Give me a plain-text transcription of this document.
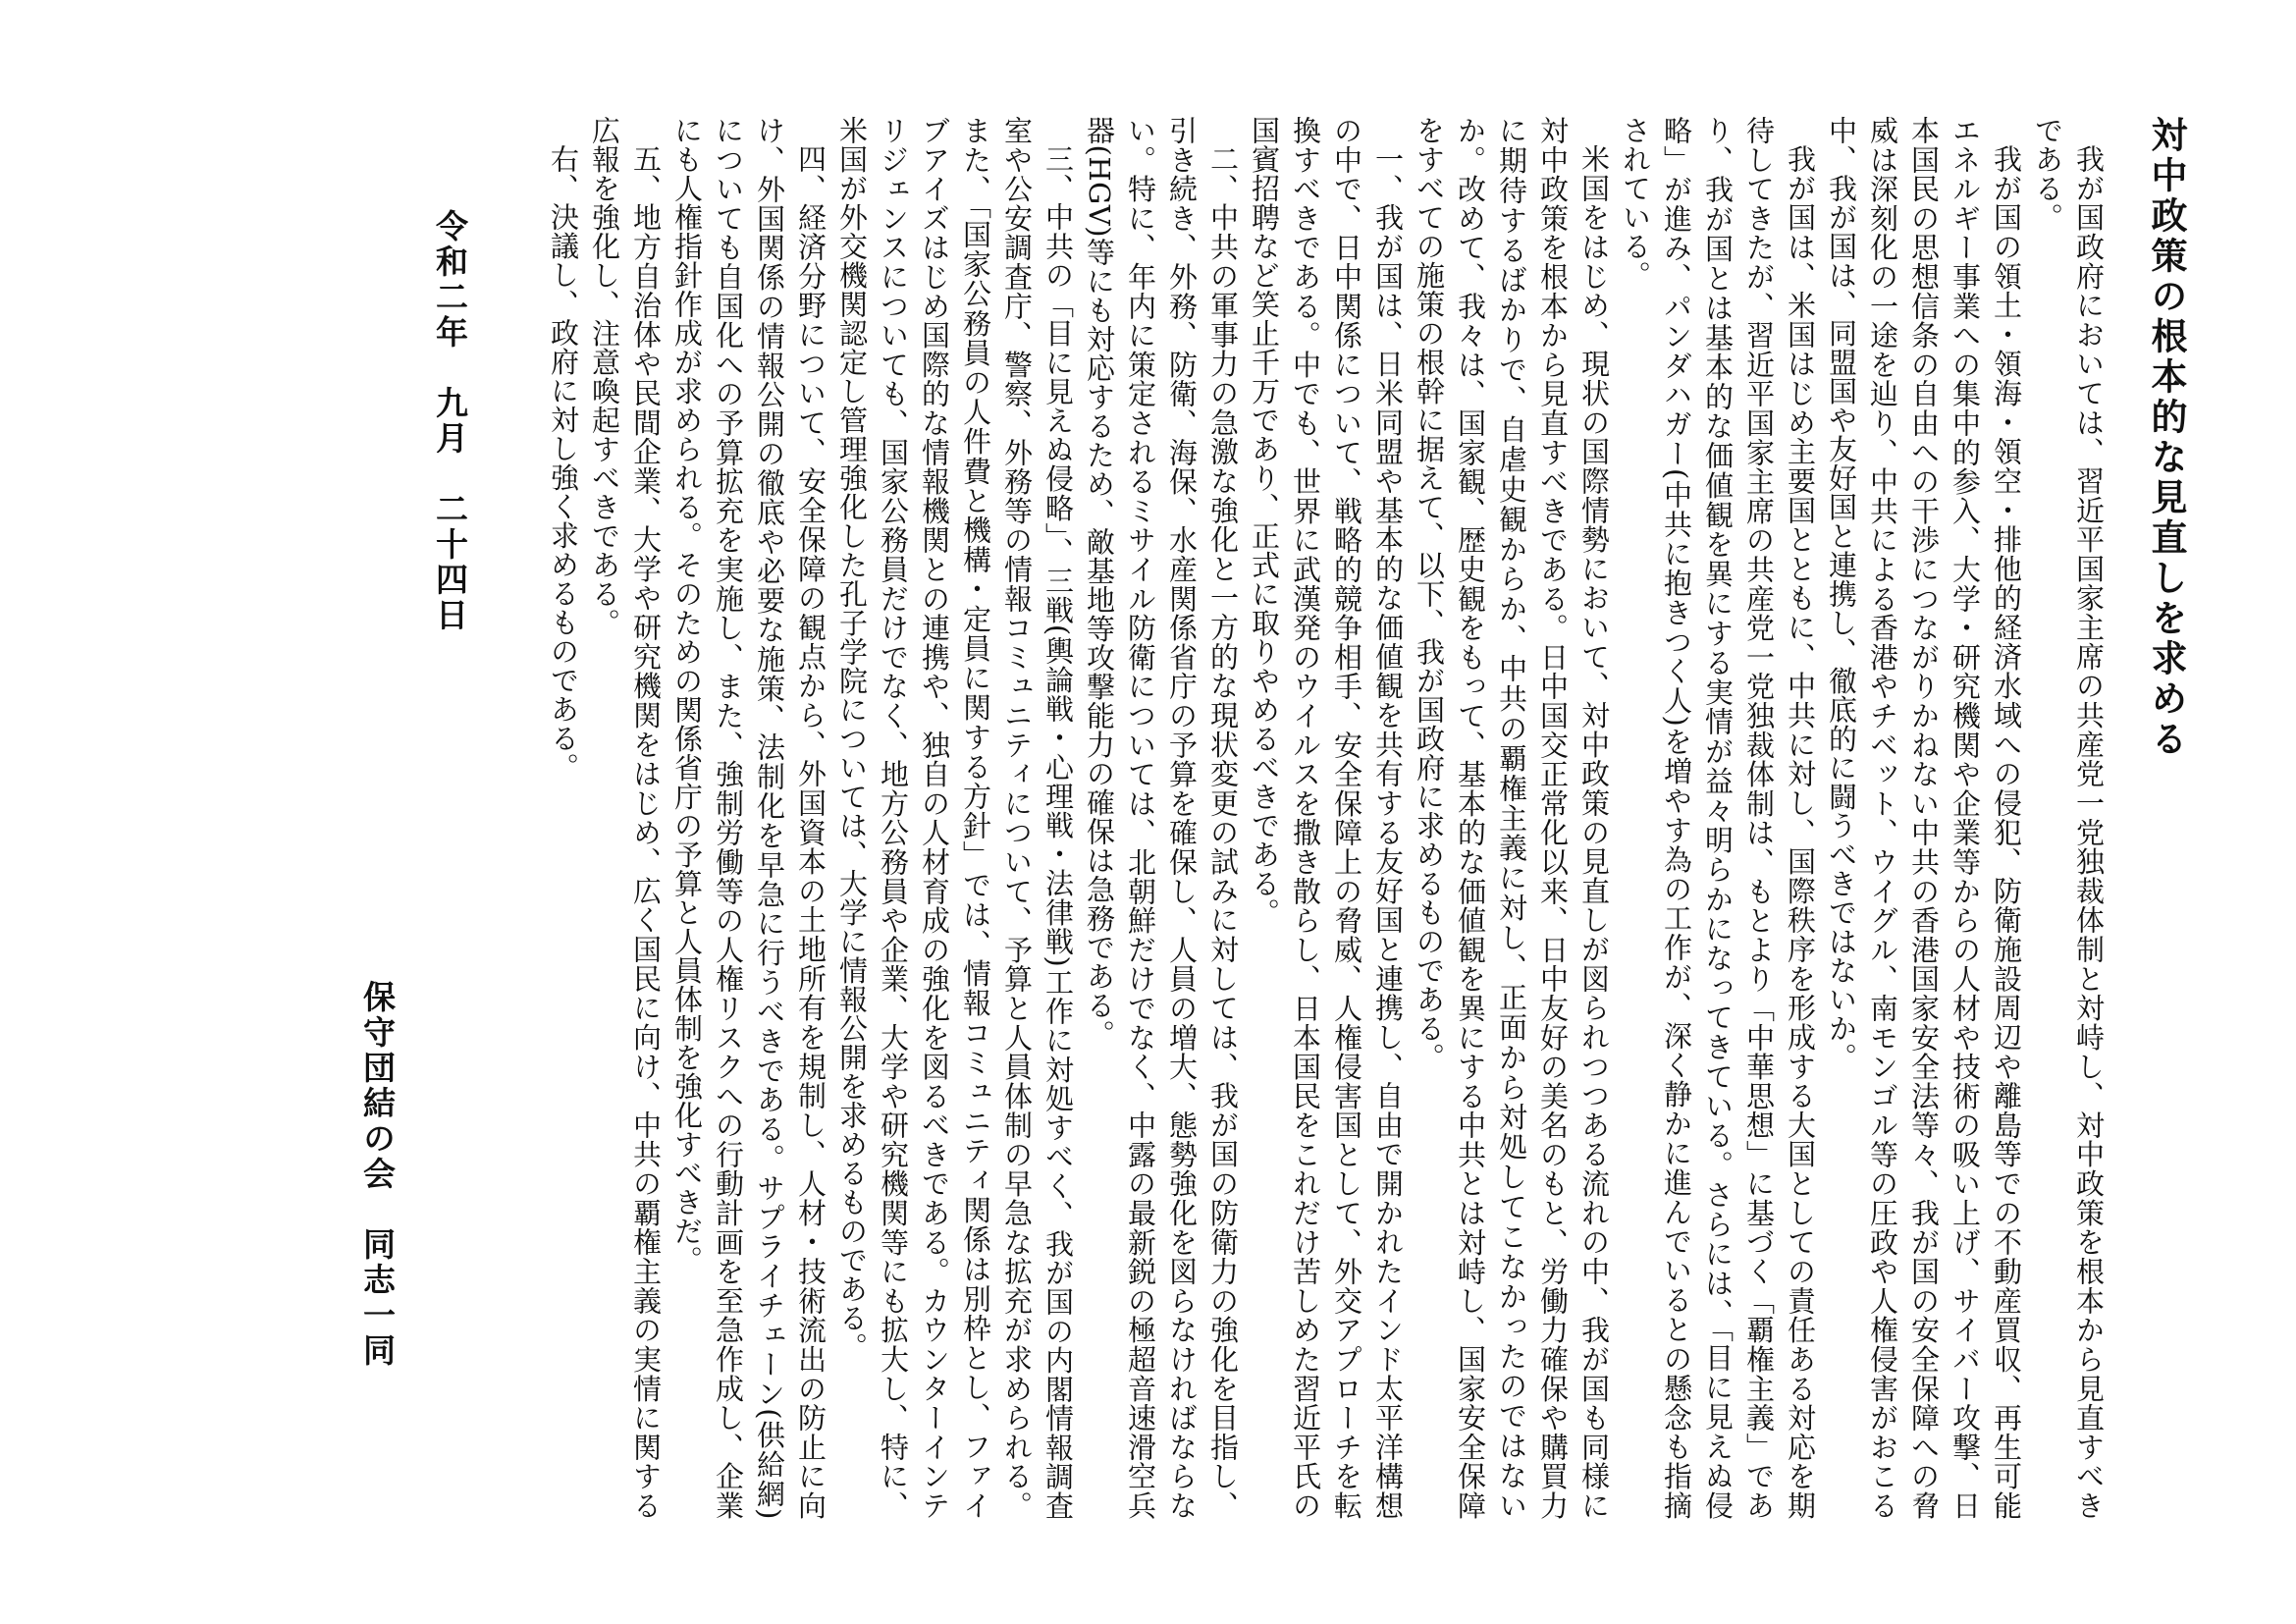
対中政策の根本的な見直しを求める

我が国政府においては、習近平国家主席の共産党一党独裁体制と対峙し、対中政策を根本から見直すべきである。

我が国の領土・領海・領空・排他的経済水域への侵犯、防衛施設周辺や離島等での不動産買収、再生可能エネルギー事業への集中的参入、大学・研究機関や企業等からの人材や技術の吸い上げ、サイバー攻撃、日本国民の思想信条の自由への干渉につながりかねない中共の香港国家安全法等々、我が国の安全保障への脅威は深刻化の一途を辿り、中共による香港やチベット、ウイグル、南モンゴル等の圧政や人権侵害がおこる中、我が国は、同盟国や友好国と連携し、徹底的に闘うべきではないか。

我が国は、米国はじめ主要国とともに、中共に対し、国際秩序を形成する大国としての責任ある対応を期待してきたが、習近平国家主席の共産党一党独裁体制は、もとより「中華思想」に基づく「覇権主義」であり、我が国とは基本的な価値観を異にする実情が益々明らかになってきている。さらには、「目に見えぬ侵略」が進み、パンダハガー(中共に抱きつく人)を増やす為の工作が、深く静かに進んでいるとの懸念も指摘されている。

米国をはじめ、現状の国際情勢において、対中政策の見直しが図られつつある流れの中、我が国も同様に対中政策を根本から見直すべきである。日中国交正常化以来、日中友好の美名のもと、労働力確保や購買力に期待するばかりで、自虐史観からか、中共の覇権主義に対し、正面から対処してこなかったのではないか。改めて、我々は、国家観、歴史観をもって、基本的な価値観を異にする中共とは対峙し、国家安全保障をすべての施策の根幹に据えて、以下、我が国政府に求めるものである。

一、我が国は、日米同盟や基本的な価値観を共有する友好国と連携し、自由で開かれたインド太平洋構想の中で、日中関係について、戦略的競争相手、安全保障上の脅威、人権侵害国として、外交アプローチを転換すべきである。中でも、世界に武漢発のウイルスを撒き散らし、日本国民をこれだけ苦しめた習近平氏の国賓招聘など笑止千万であり、正式に取りやめるべきである。

二、中共の軍事力の急激な強化と一方的な現状変更の試みに対しては、我が国の防衛力の強化を目指し、引き続き、外務、防衛、海保、水産関係省庁の予算を確保し、人員の増大、態勢強化を図らなければならない。特に、年内に策定されるミサイル防衛については、北朝鮮だけでなく、中露の最新鋭の極超音速滑空兵器(HGV)等にも対応するため、敵基地等攻撃能力の確保は急務である。

三、中共の「目に見えぬ侵略」、三戦(輿論戦・心理戦・法律戦)工作に対処すべく、我が国の内閣情報調査室や公安調査庁、警察、外務等の情報コミュニティについて、予算と人員体制の早急な拡充が求められる。また、「国家公務員の人件費と機構・定員に関する方針」では、情報コミュニティ関係は別枠とし、ファイブアイズはじめ国際的な情報機関との連携や、独自の人材育成の強化を図るべきである。カウンターインテリジェンスについても、国家公務員だけでなく、地方公務員や企業、大学や研究機関等にも拡大し、特に、米国が外交機関認定し管理強化した孔子学院については、大学に情報公開を求めるものである。

四、経済分野について、安全保障の観点から、外国資本の土地所有を規制し、人材・技術流出の防止に向け、外国関係の情報公開の徹底や必要な施策、法制化を早急に行うべきである。サプライチェーン(供給網)についても自国化への予算拡充を実施し、また、強制労働等の人権リスクへの行動計画を至急作成し、企業にも人権指針作成が求められる。そのための関係省庁の予算と人員体制を強化すべきだ。

五、地方自治体や民間企業、大学や研究機関をはじめ、広く国民に向け、中共の覇権主義の実情に関する広報を強化し、注意喚起すべきである。

右、決議し、政府に対し強く求めるものである。

令和二年　九月　二十四日
保守団結の会　同志一同
